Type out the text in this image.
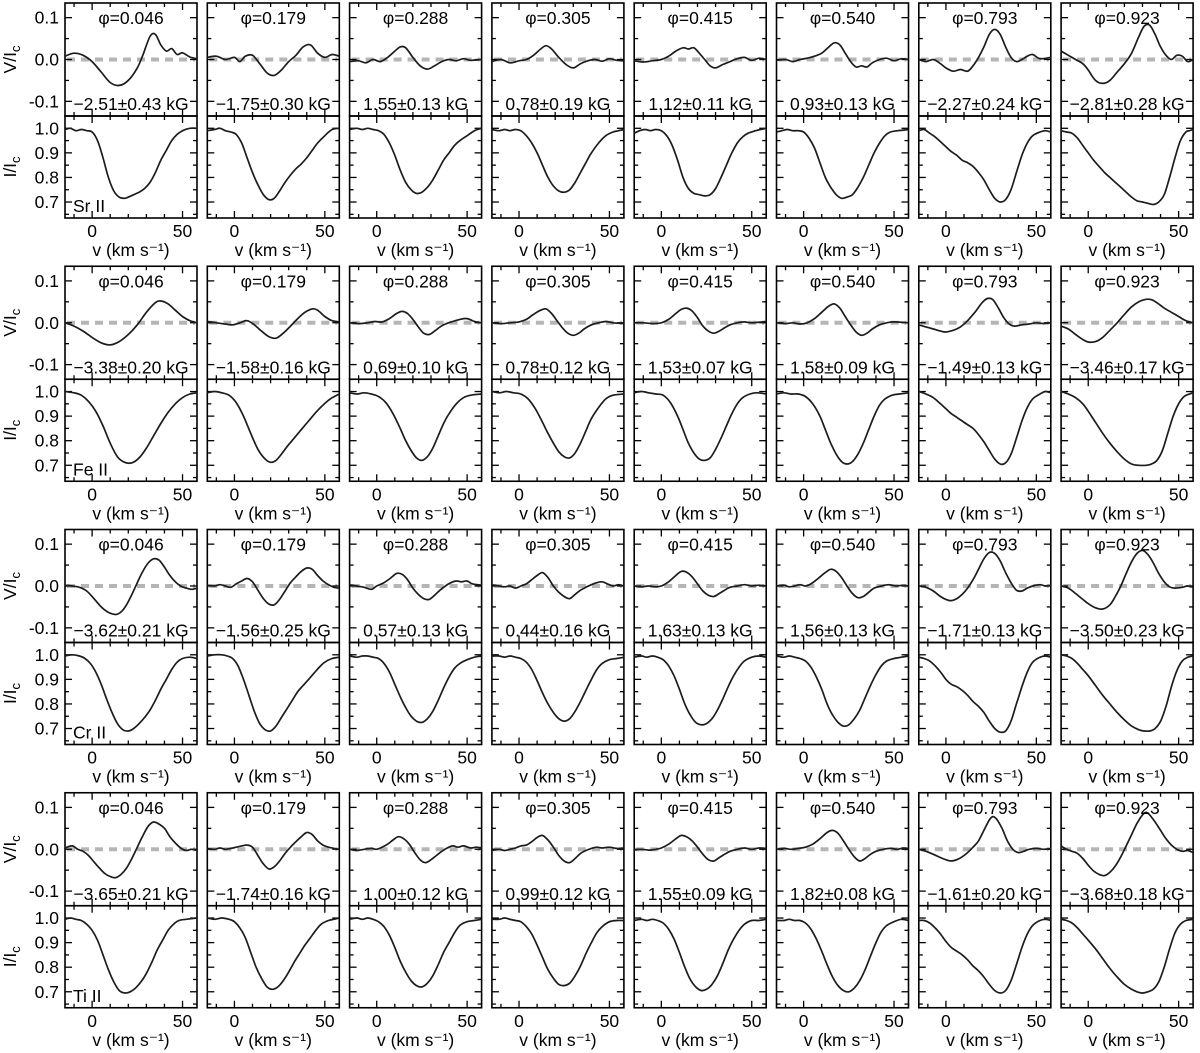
φ=0.046
−2.51±0.43 kG
Sr II
0	50
v (km s⁻¹)
φ=0.179
−1.75±0.30 kG
0	50
v (km s⁻¹)
φ=0.288
1.55±0.13 kG
0	50
v (km s⁻¹)
φ=0.305
0.78±0.19 kG
0	50
v (km s⁻¹)
φ=0.415
1.12±0.11 kG
0	50
v (km s⁻¹)
φ=0.540
0.93±0.13 kG
0	50
v (km s⁻¹)
φ=0.793
−2.27±0.24 kG
0	50
v (km s⁻¹)
φ=0.923
−2.81±0.28 kG
0	50
v (km s⁻¹)
0.1
0.0
-0.1
1.0
0.9
0.8
0.7
$V/I_c$
$I/I_c$
φ=0.046
−3.38±0.20 kG
Fe II
0	50
v (km s⁻¹)
φ=0.179
−1.58±0.16 kG
0	50
v (km s⁻¹)
φ=0.288
0.69±0.10 kG
0	50
v (km s⁻¹)
φ=0.305
0.78±0.12 kG
0	50
v (km s⁻¹)
φ=0.415
1.53±0.07 kG
0	50
v (km s⁻¹)
φ=0.540
1.58±0.09 kG
0	50
v (km s⁻¹)
φ=0.793
−1.49±0.13 kG
0	50
v (km s⁻¹)
φ=0.923
−3.46±0.17 kG
0	50
v (km s⁻¹)
0.1
0.0
-0.1
1.0
0.9
0.8
0.7
$V/I_c$
$I/I_c$
φ=0.046
−3.62±0.21 kG
Cr II
0	50
v (km s⁻¹)
φ=0.179
−1.56±0.25 kG
0	50
v (km s⁻¹)
φ=0.288
0.57±0.13 kG
0	50
v (km s⁻¹)
φ=0.305
0.44±0.16 kG
0	50
v (km s⁻¹)
φ=0.415
1.63±0.13 kG
0	50
v (km s⁻¹)
φ=0.540
1.56±0.13 kG
0	50
v (km s⁻¹)
φ=0.793
−1.71±0.13 kG
0	50
v (km s⁻¹)
φ=0.923
−3.50±0.23 kG
0	50
v (km s⁻¹)
0.1
0.0
-0.1
1.0
0.9
0.8
0.7
$V/I_c$
$I/I_c$
φ=0.046
−3.65±0.21 kG
Ti II
0	50
v (km s⁻¹)
φ=0.179
−1.74±0.16 kG
0	50
v (km s⁻¹)
φ=0.288
1.00±0.12 kG
0	50
v (km s⁻¹)
φ=0.305
0.99±0.12 kG
0	50
v (km s⁻¹)
φ=0.415
1.55±0.09 kG
0	50
v (km s⁻¹)
φ=0.540
1.82±0.08 kG
0	50
v (km s⁻¹)
φ=0.793
−1.61±0.20 kG
0	50
v (km s⁻¹)
φ=0.923
−3.68±0.18 kG
0	50
v (km s⁻¹)
0.1
0.0
-0.1
1.0
0.9
0.8
0.7
$V/I_c$
$I/I_c$
